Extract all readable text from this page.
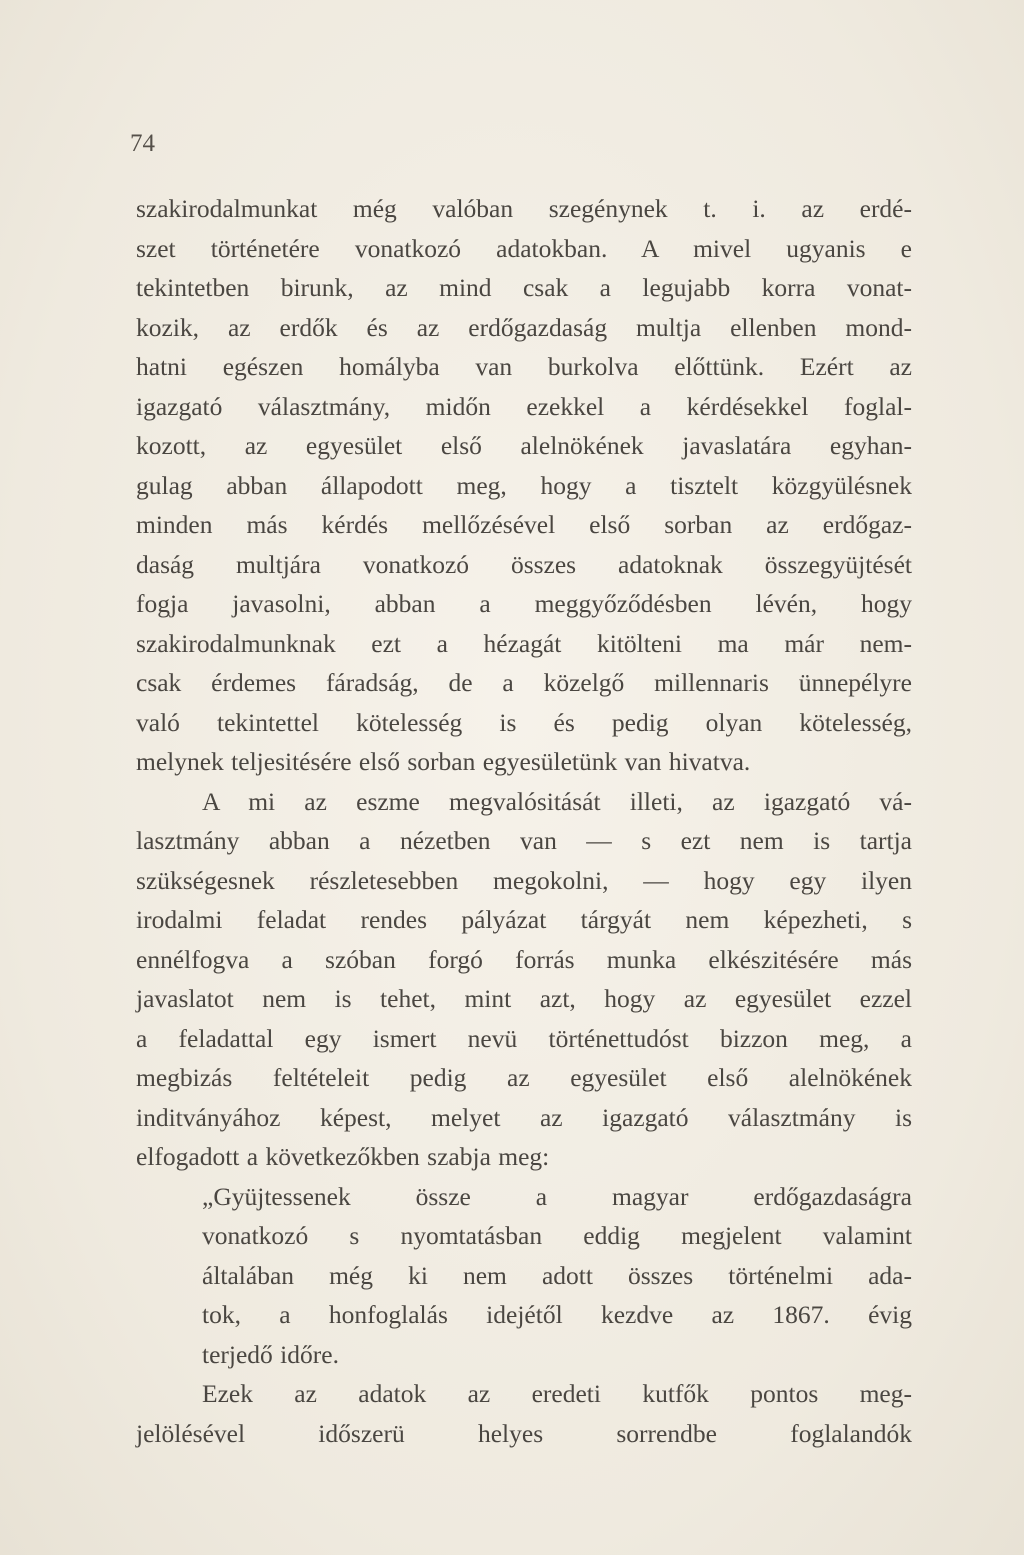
74
szakirodalmunkat még valóban szegénynek t. i. az erdé-
szet történetére vonatkozó adatokban. A mivel ugyanis e
tekintetben birunk, az mind csak a legujabb korra vonat-
kozik, az erdők és az erdőgazdaság multja ellenben mond-
hatni egészen homályba van burkolva előttünk. Ezért az
igazgató választmány, midőn ezekkel a kérdésekkel foglal-
kozott, az egyesület első alelnökének javaslatára egyhan-
gulag abban állapodott meg, hogy a tisztelt közgyülésnek
minden más kérdés mellőzésével első sorban az erdőgaz-
daság multjára vonatkozó összes adatoknak összegyüjtését
fogja javasolni, abban a meggyőződésben lévén, hogy
szakirodalmunknak ezt a hézagát kitölteni ma már nem-
csak érdemes fáradság, de a közelgő millennaris ünnepélyre
való tekintettel kötelesség is és pedig olyan kötelesség,
melynek teljesitésére első sorban egyesületünk van hivatva.
A mi az eszme megvalósitását illeti, az igazgató vá-
lasztmány abban a nézetben van — s ezt nem is tartja
szükségesnek részletesebben megokolni, — hogy egy ilyen
irodalmi feladat rendes pályázat tárgyát nem képezheti, s
ennélfogva a szóban forgó forrás munka elkészitésére más
javaslatot nem is tehet, mint azt, hogy az egyesület ezzel
a feladattal egy ismert nevü történettudóst bizzon meg, a
megbizás feltételeit pedig az egyesület első alelnökének
inditványához képest, melyet az igazgató választmány is
elfogadott a következőkben szabja meg:
„Gyüjtessenek össze a magyar erdőgazdaságra
vonatkozó s nyomtatásban eddig megjelent valamint
általában még ki nem adott összes történelmi ada-
tok, a honfoglalás idejétől kezdve az 1867. évig
terjedő időre.
Ezek az adatok az eredeti kutfők pontos meg-
jelölésével időszerü helyes sorrendbe foglalandók
